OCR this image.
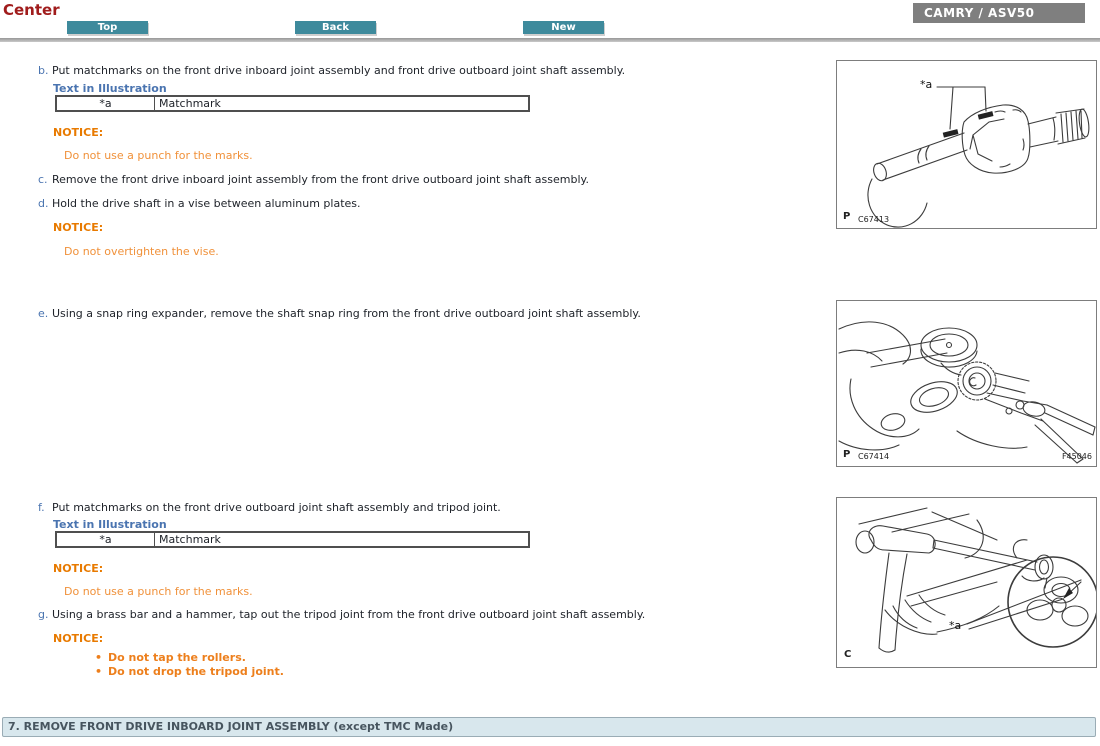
Center
Top	Back	New
CAMRY / ASV50
b. Put matchmarks on the front drive inboard joint assembly and front drive outboard joint shaft assembly.
Text in Illustration
*a	Matchmark
NOTICE:
Do not use a punch for the marks.
c. Remove the front drive inboard joint assembly from the front drive outboard joint shaft assembly.
d. Hold the drive shaft in a vise between aluminum plates.
NOTICE:
Do not overtighten the vise.
e. Using a snap ring expander, remove the shaft snap ring from the front drive outboard joint shaft assembly.
f. Put matchmarks on the front drive outboard joint shaft assembly and tripod joint.
Text in Illustration
*a	Matchmark
NOTICE:
Do not use a punch for the marks.
g. Using a brass bar and a hammer, tap out the tripod joint from the front drive outboard joint shaft assembly.
NOTICE:
• Do not tap the rollers.
• Do not drop the tripod joint.
*a
P C67413
P C67414	F45046
*a
C
7. REMOVE FRONT DRIVE INBOARD JOINT ASSEMBLY (except TMC Made)
